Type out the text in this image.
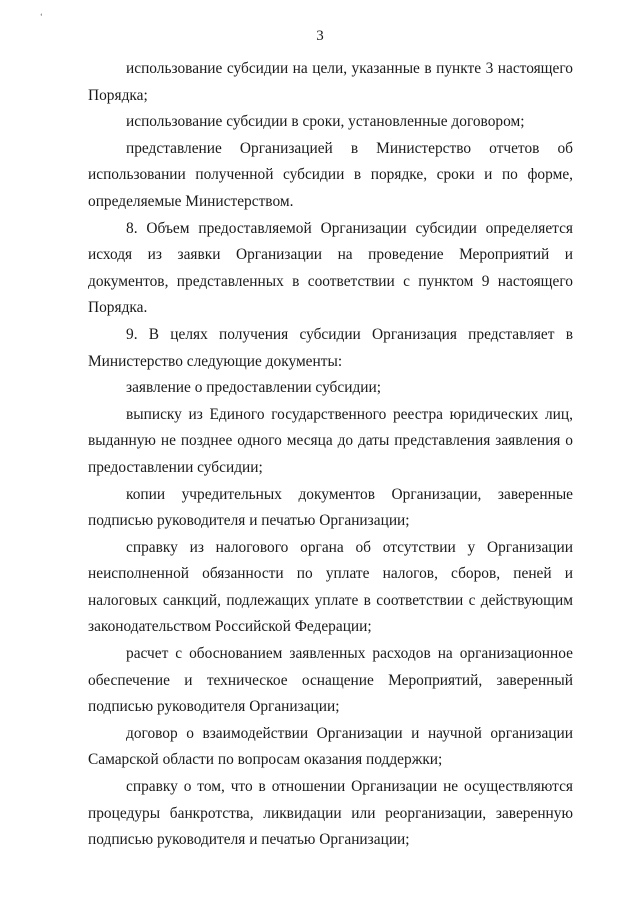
‘
3

использование субсидии на цели, указанные в пункте 3 настоящего Порядка;

использование субсидии в сроки, установленные договором;

представление Организацией в Министерство отчетов об использовании полученной субсидии в порядке, сроки и по форме, определяемые Министерством.

8. Объем предоставляемой Организации субсидии определяется исходя из заявки Организации на проведение Мероприятий и документов, представленных в соответствии с пунктом 9 настоящего Порядка.

9. В целях получения субсидии Организация представляет в Министерство следующие документы:

заявление о предоставлении субсидии;

выписку из Единого государственного реестра юридических лиц, выданную не позднее одного месяца до даты представления заявления о предоставлении субсидии;

копии учредительных документов Организации, заверенные подписью руководителя и печатью Организации;

справку из налогового органа об отсутствии у Организации неисполненной обязанности по уплате налогов, сборов, пеней и налоговых санкций, подлежащих уплате в соответствии с действующим законодательством Российской Федерации;

расчет с обоснованием заявленных расходов на организационное обеспечение и техническое оснащение Мероприятий, заверенный подписью руководителя Организации;

договор о взаимодействии Организации и научной организации Самарской области по вопросам оказания поддержки;

справку о том, что в отношении Организации не осуществляются процедуры банкротства, ликвидации или реорганизации, заверенную подписью руководителя и печатью Организации;
